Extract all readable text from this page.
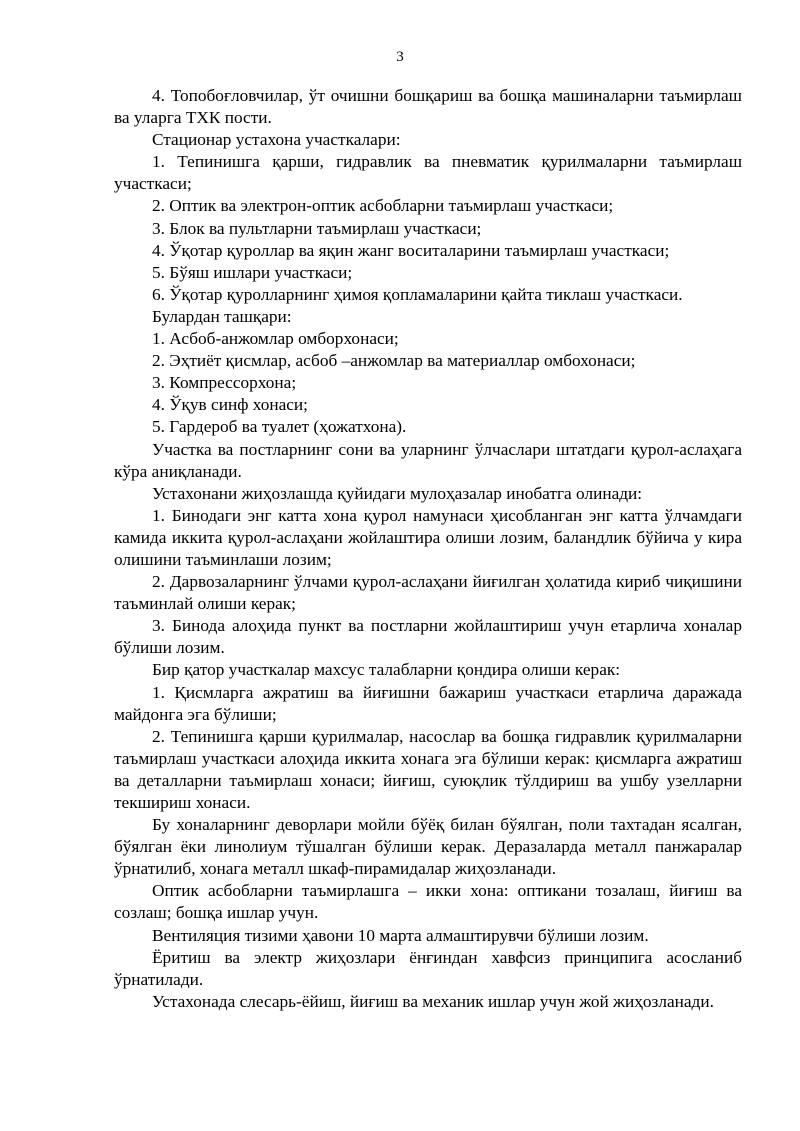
3

4. Топобоғловчилар, ўт очишни бошқариш ва бошқа машиналарни таъмирлаш ва уларга ТХК пости.

Стационар устахона участкалари:

1. Тепинишга қарши, гидравлик ва пневматик қурилмаларни таъмирлаш участкаси;

2. Оптик ва электрон-оптик асбобларни таъмирлаш участкаси;

3. Блок ва пультларни таъмирлаш участкаси;

4. Ўқотар қуроллар ва яқин жанг воситаларини таъмирлаш участкаси;

5. Бўяш ишлари участкаси;

6. Ўқотар қуролларнинг ҳимоя қопламаларини қайта тиклаш участкаси.

Булардан ташқари:

1. Асбоб-анжомлар омборхонаси;

2. Эҳтиёт қисмлар, асбоб –анжомлар ва материаллар омбохонаси;

3. Компрессорхона;

4. Ўқув синф хонаси;

5. Гардероб ва туалет (ҳожатхона).

Участка ва постларнинг сони ва уларнинг ўлчаслари штатдаги қурол-аслаҳага кўра аниқланади.

Устахонани жиҳозлашда қуйидаги мулоҳазалар инобатга олинади:

1. Бинодаги энг катта хона қурол намунаси ҳисобланган энг катта ўлчамдаги камида иккита қурол-аслаҳани жойлаштира олиши лозим, баландлик бўйича у кира олишини таъминлаши лозим;

2. Дарвозаларнинг ўлчами қурол-аслаҳани йиғилган ҳолатида кириб чиқишини таъминлай олиши керак;

3. Бинода алоҳида пункт ва постларни жойлаштириш учун етарлича хоналар бўлиши лозим.

Бир қатор участкалар махсус талабларни қондира олиши керак:

1. Қисмларга ажратиш ва йиғишни бажариш участкаси етарлича даражада майдонга эга бўлиши;

2. Тепинишга қарши қурилмалар, насослар ва бошқа гидравлик қурилмаларни таъмирлаш участкаси алоҳида иккита хонага эга бўлиши керак: қисмларга ажратиш ва деталларни таъмирлаш хонаси; йиғиш, суюқлик тўлдириш ва ушбу узелларни текшириш хонаси.

Бу хоналарнинг деворлари мойли бўёқ билан бўялган, поли тахтадан ясалган, бўялган ёки линолиум тўшалган бўлиши керак. Деразаларда металл панжаралар ўрнатилиб, хонага металл шкаф-пирамидалар жиҳозланади.

Оптик асбобларни таъмирлашга – икки хона: оптикани тозалаш, йиғиш ва созлаш; бошқа ишлар учун.

Вентиляция тизими ҳавони 10 марта алмаштирувчи бўлиши лозим.

Ёритиш ва электр жиҳозлари ёнғиндан хавфсиз принципига асосланиб ўрнатилади.

Устахонада слесарь-ёйиш, йиғиш ва механик ишлар учун жой жиҳозланади.
